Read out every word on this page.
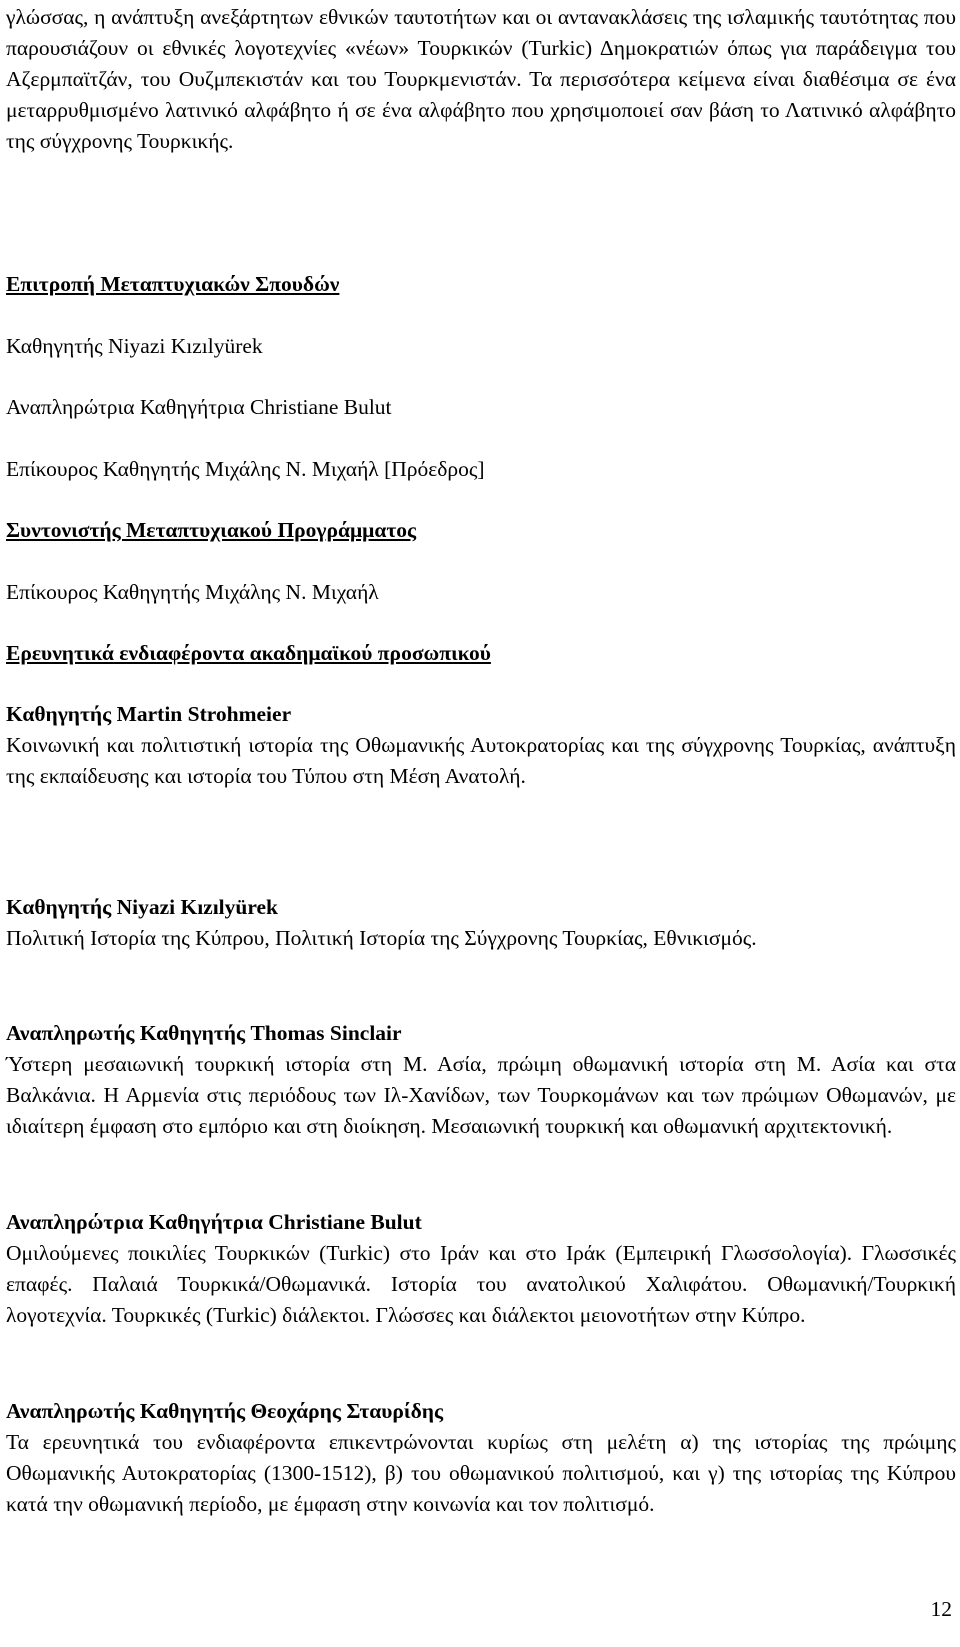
γλώσσας, η ανάπτυξη ανεξάρτητων εθνικών ταυτοτήτων και οι αντανακλάσεις της ισλαμικής ταυτότητας που παρουσιάζουν οι εθνικές λογοτεχνίες «νέων» Τουρκικών (Turkic) Δημοκρατιών όπως για παράδειγμα του Αζερμπαϊτζάν, του Ουζμπεκιστάν και του Τουρκμενιστάν. Τα περισσότερα κείμενα είναι διαθέσιμα σε ένα μεταρρυθμισμένο λατινικό αλφάβητο ή σε ένα αλφάβητο που χρησιμοποιεί σαν βάση το Λατινικό αλφάβητο της σύγχρονης Τουρκικής.

Επιτροπή Μεταπτυχιακών Σπουδών
Καθηγητής Niyazi Kızılyürek
Αναπληρώτρια Καθηγήτρια Christiane Bulut
Επίκουρος Καθηγητής Μιχάλης Ν. Μιχαήλ [Πρόεδρος]
Συντονιστής Μεταπτυχιακού Προγράμματος
Επίκουρος Καθηγητής Μιχάλης Ν. Μιχαήλ
Ερευνητικά ενδιαφέροντα ακαδημαϊκού προσωπικού
Καθηγητής Martin Strohmeier

Κοινωνική και πολιτιστική ιστορία της Οθωμανικής Αυτοκρατορίας και της σύγχρονης Τουρκίας, ανάπτυξη της εκπαίδευσης και ιστορία του Τύπου στη Μέση Ανατολή.

Καθηγητής Niyazi Kızılyürek

Πολιτική Ιστορία της Κύπρου, Πολιτική Ιστορία της Σύγχρονης Τουρκίας, Εθνικισμός.

Αναπληρωτής Καθηγητής Thomas Sinclair

Ύστερη μεσαιωνική τουρκική ιστορία στη Μ. Ασία, πρώιμη οθωμανική ιστορία στη Μ. Ασία και στα Βαλκάνια. Η Αρμενία στις περιόδους των Ιλ-Χανίδων, των Τουρκομάνων και των πρώιμων Οθωμανών, με ιδιαίτερη έμφαση στο εμπόριο και στη διοίκηση. Μεσαιωνική τουρκική και οθωμανική αρχιτεκτονική.

Αναπληρώτρια Καθηγήτρια Christiane Bulut

Ομιλούμενες ποικιλίες Τουρκικών (Turkic) στο Ιράν και στο Ιράκ (Εμπειρική Γλωσσολογία). Γλωσσικές επαφές. Παλαιά Τουρκικά/Οθωμανικά. Ιστορία του ανατολικού Χαλιφάτου. Οθωμανική/Τουρκική λογοτεχνία. Τουρκικές (Turkic) διάλεκτοι. Γλώσσες και διάλεκτοι μειονοτήτων στην Κύπρο.

Αναπληρωτής Καθηγητής Θεοχάρης Σταυρίδης

Τα ερευνητικά του ενδιαφέροντα επικεντρώνονται κυρίως στη μελέτη α) της ιστορίας της πρώιμης Οθωμανικής Αυτοκρατορίας (1300-1512), β) του οθωμανικού πολιτισμού, και γ) της ιστορίας της Κύπρου κατά την οθωμανική περίοδο, με έμφαση στην κοινωνία και τον πολιτισμό.

12
